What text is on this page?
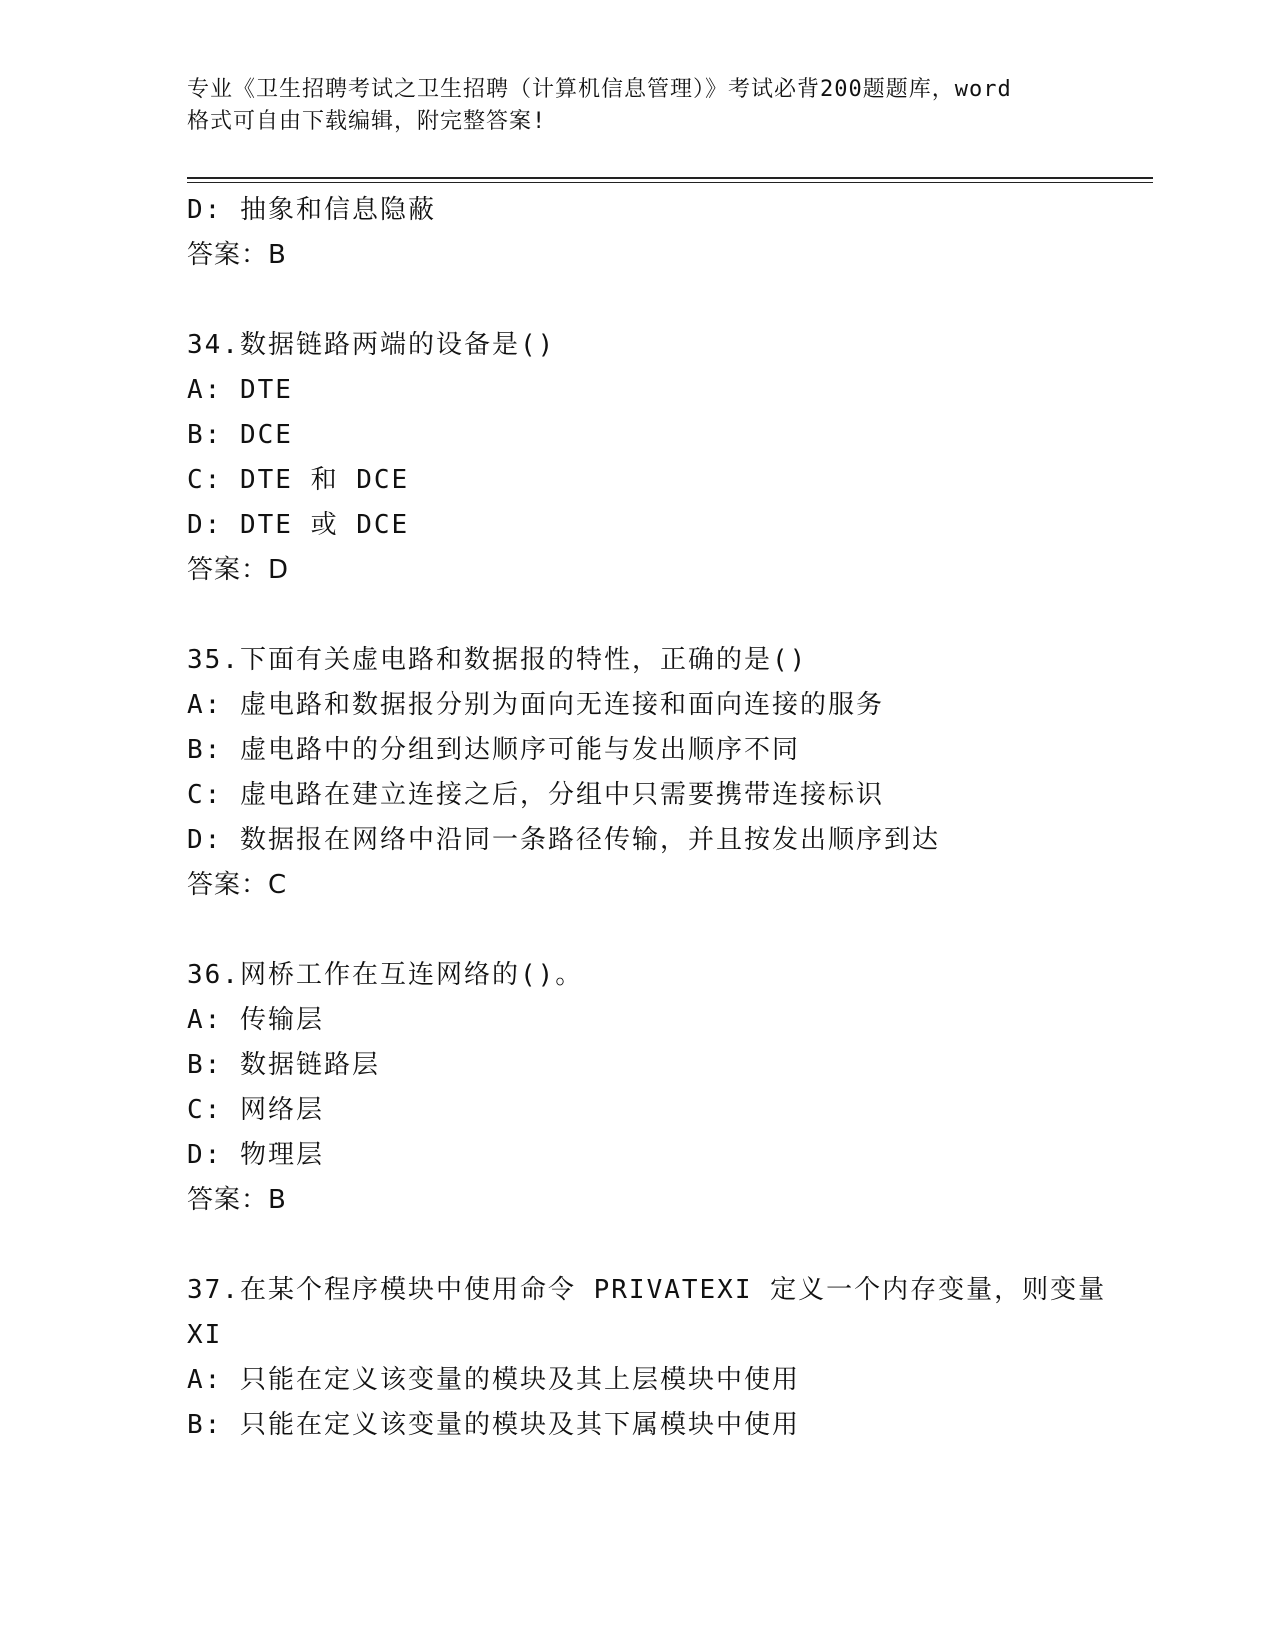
专业《卫生招聘考试之卫生招聘（计算机信息管理）》考试必背200题题库，word
格式可自由下载编辑，附完整答案!
D: 抽象和信息隐蔽
答案：B
34.数据链路两端的设备是()
A: DTE
B: DCE
C: DTE 和 DCE
D: DTE 或 DCE
答案：D
35.下面有关虚电路和数据报的特性，正确的是()
A: 虚电路和数据报分别为面向无连接和面向连接的服务
B: 虚电路中的分组到达顺序可能与发出顺序不同
C: 虚电路在建立连接之后，分组中只需要携带连接标识
D: 数据报在网络中沿同一条路径传输，并且按发出顺序到达
答案：C
36.网桥工作在互连网络的()。
A: 传输层
B: 数据链路层
C: 网络层
D: 物理层
答案：B
37.在某个程序模块中使用命令 PRIVATEXI 定义一个内存变量，则变量
XI
A: 只能在定义该变量的模块及其上层模块中使用
B: 只能在定义该变量的模块及其下属模块中使用
